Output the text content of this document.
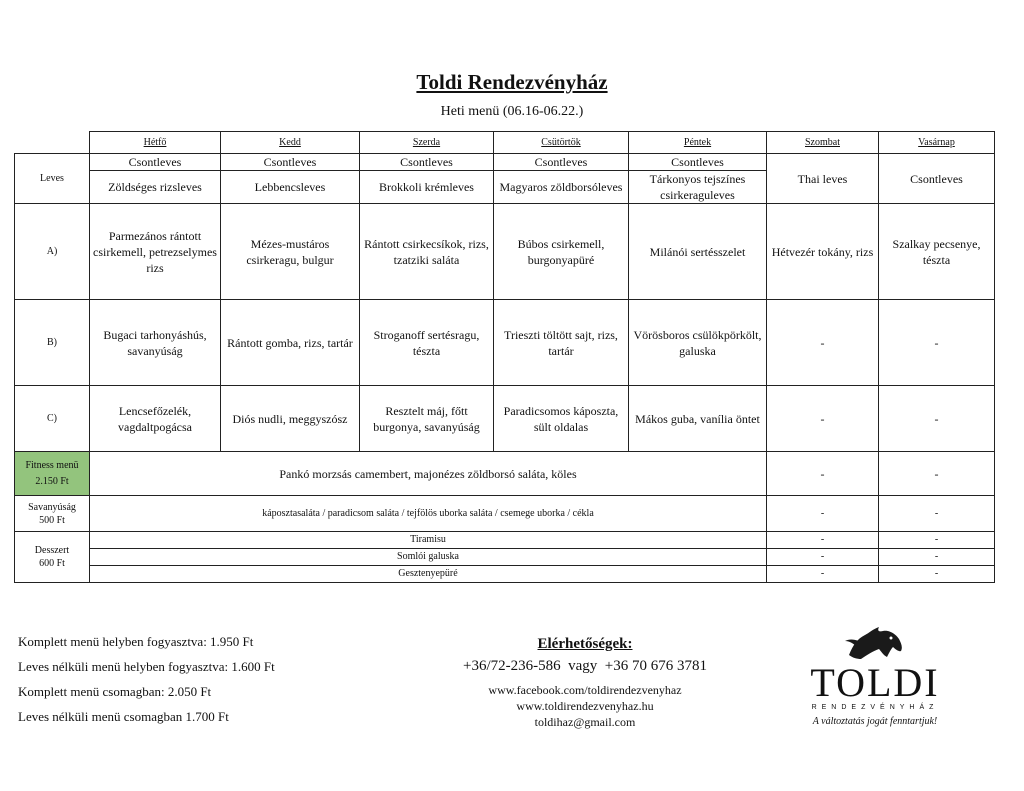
Toldi Rendezvényház
Heti menü (06.16-06.22.)
	Hétfő	Kedd	Szerda	Csütörtök	Péntek	Szombat	Vasárnap
Leves	Csontleves	Csontleves	Csontleves	Csontleves	Csontleves	Thai leves	Csontleves
	Zöldséges rizsleves	Lebbencsleves	Brokkoli krémleves	Magyaros zöldborsóleves	Tárkonyos tejszínes csirkeraguleves		
A)	Parmezános rántott csirkemell, petrezselymes rizs	Mézes-mustáros csirkeragu, bulgur	Rántott csirkecsíkok, rizs, tzatziki saláta	Búbos csirkemell, burgonyapüré	Milánói sertésszelet	Hétvezér tokány, rizs	Szalkay pecsenye, tészta
B)	Bugaci tarhonyáshús, savanyúság	Rántott gomba, rizs, tartár	Stroganoff sertésragu, tészta	Trieszti töltött sajt, rizs, tartár	Vörösboros csülökpörkölt, galuska	-	-
C)	Lencsefőzelék, vagdaltpogácsa	Diós nudli, meggyszósz	Resztelt máj, főtt burgonya, savanyúság	Paradicsomos káposzta, sült oldalas	Mákos guba, vanília öntet	-	-

Fitness menü
2.150 Ft	Pankó morzsás camembert, majonézes zöldborsó saláta, köles					-	-

Savanyúság
500 Ft	káposztasaláta / paradicsom saláta / tejfölös uborka saláta / csemege uborka / cékla					-	-

Desszert
600 Ft	Tiramisu					-	-
	Somlói galuska					-	-
	Gesztenyepüré					-	-
Komplett menü helyben fogyasztva: 1.950 Ft
Leves nélküli menü helyben fogyasztva: 1.600 Ft
Komplett menü csomagban: 2.050 Ft
Leves nélküli menü csomagban 1.700 Ft
Elérhetőségek:
+36/72-236-586  vagy  +36 70 676 3781
www.facebook.com/toldirendezvenyhaz
www.toldirendezvenyhaz.hu
toldihaz@gmail.com
TOLDI
RENDEZVÉNYHÁZ
A változtatás jogát fenntartjuk!
